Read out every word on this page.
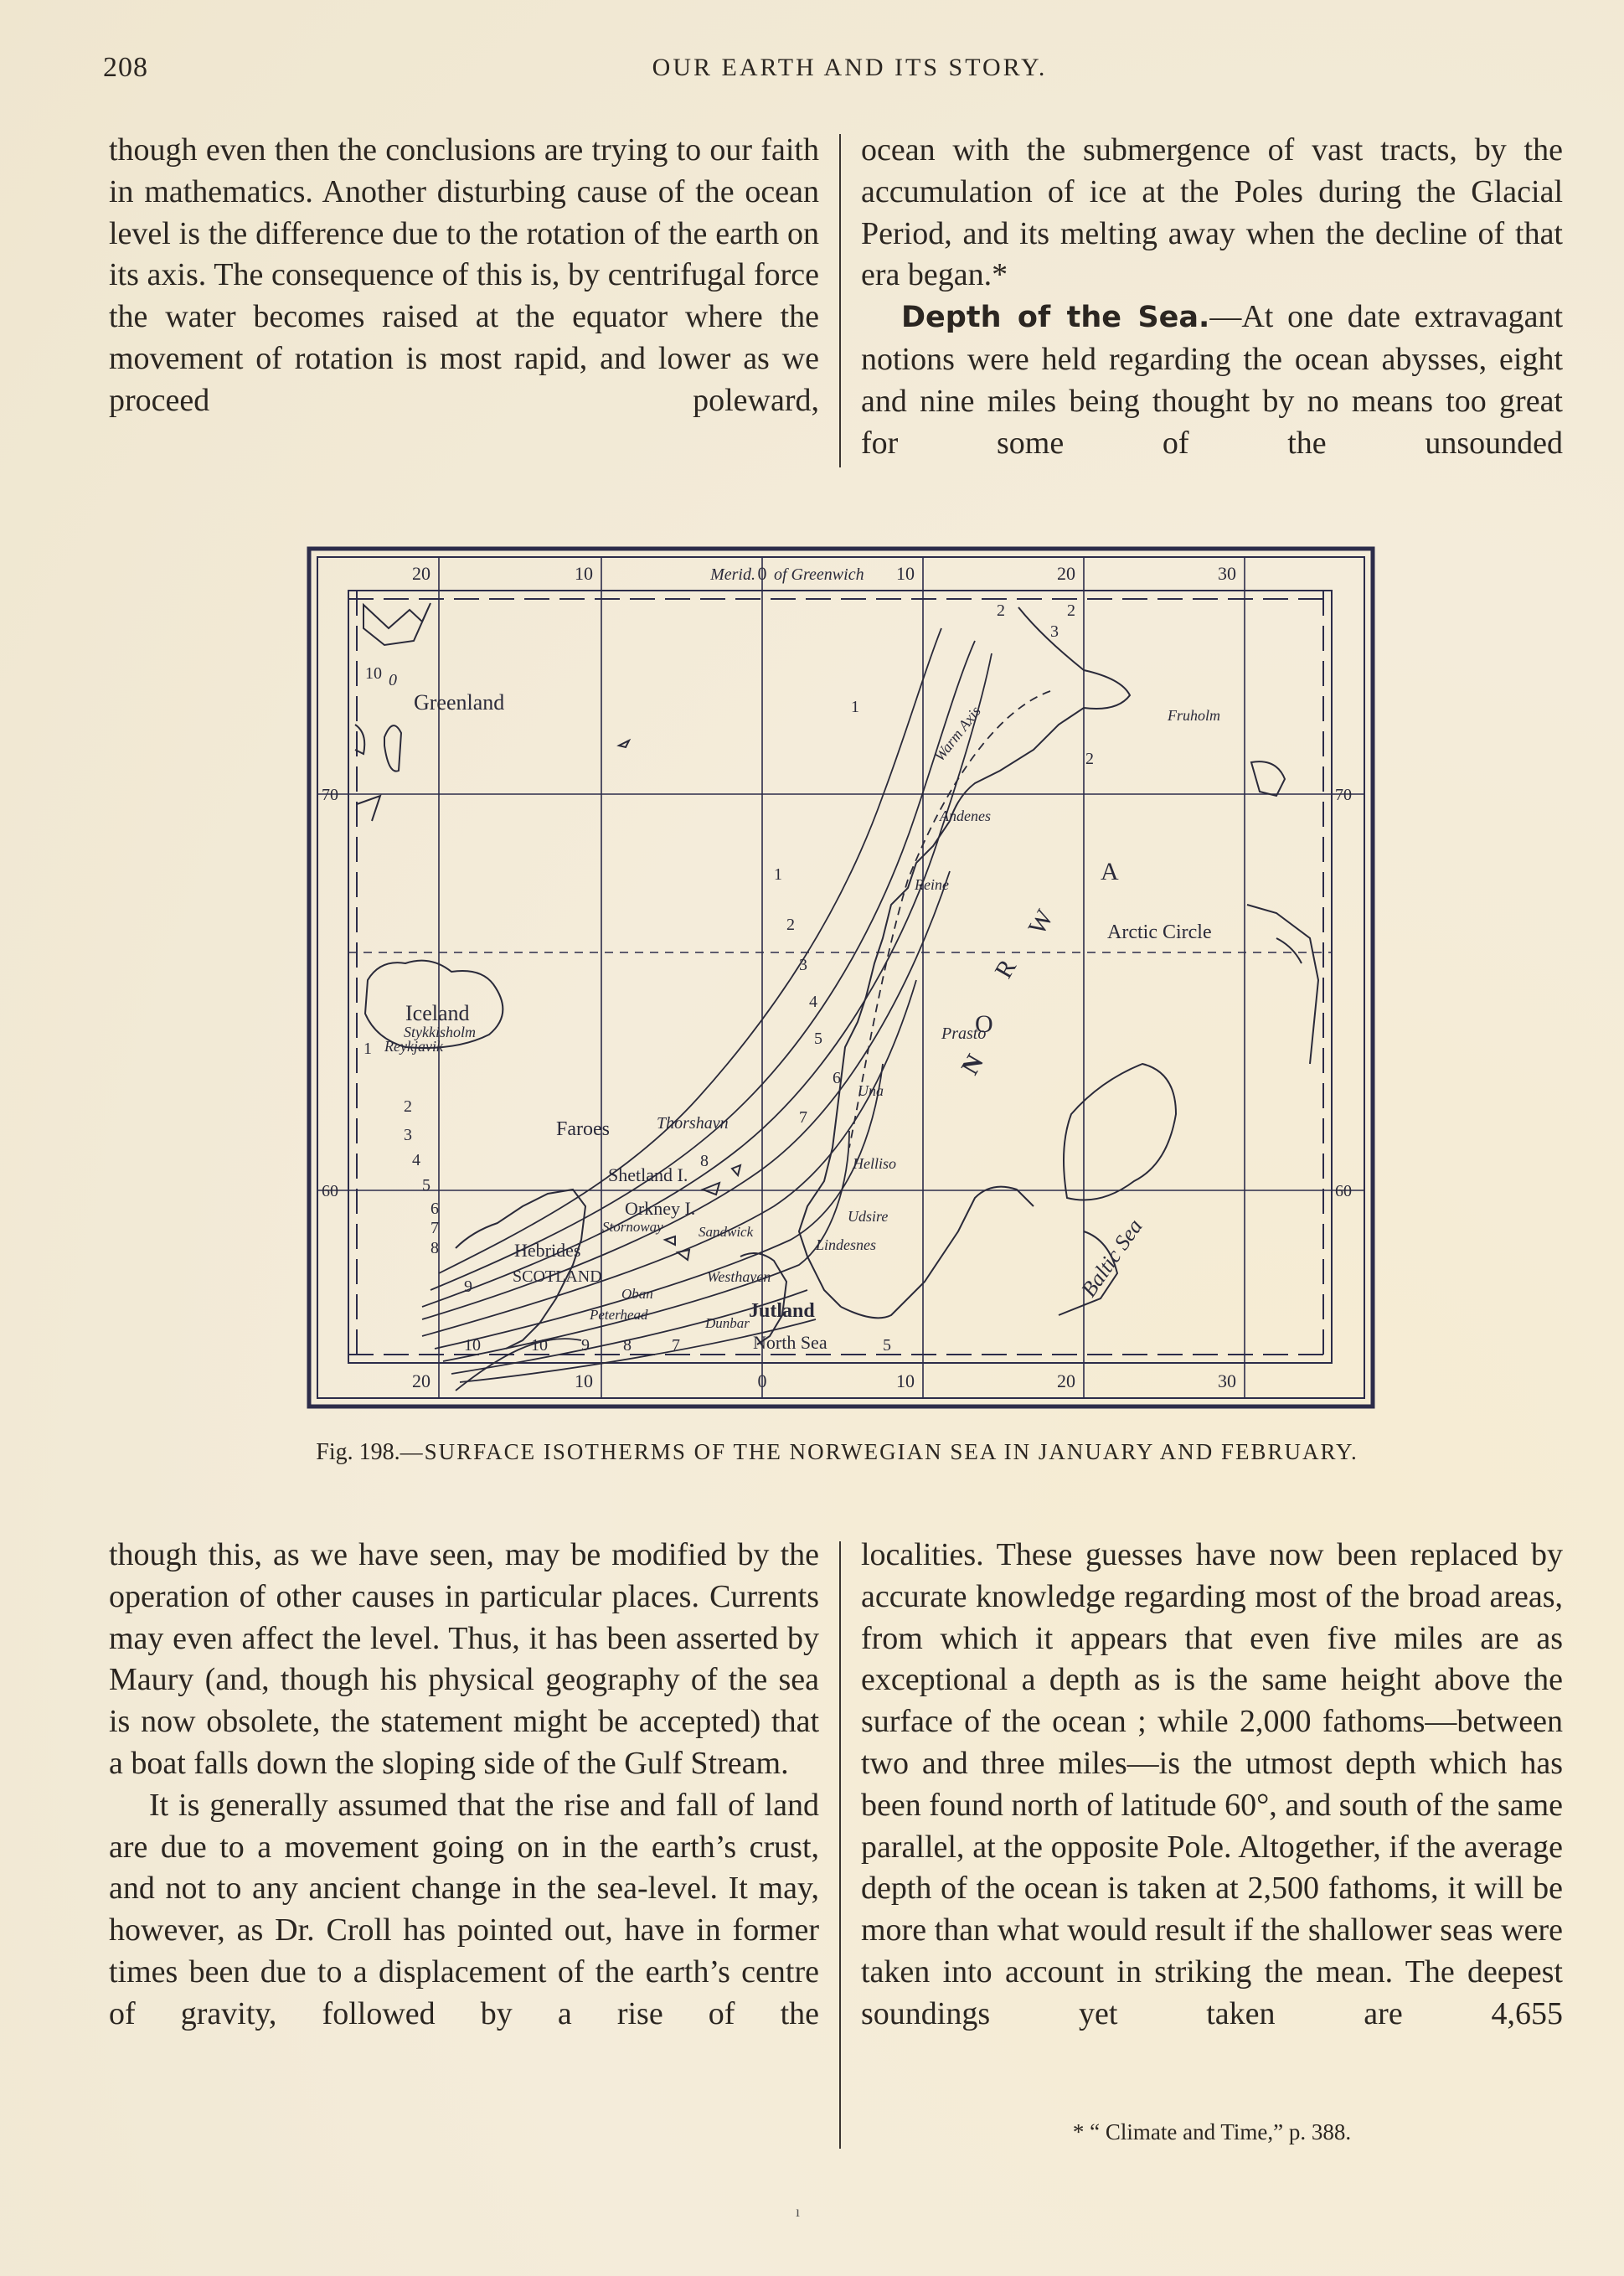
208	OUR EARTH AND ITS STORY.

though even then the conclusions are trying to our faith in mathematics. Another disturbing cause of the ocean level is the difference due to the rotation of the earth on its axis. The consequence of this is, by centrifugal force the water becomes raised at the equator where the movement of rotation is most rapid, and lower as we proceed poleward,

ocean with the submergence of vast tracts, by the accumulation of ice at the Poles during the Glacial Period, and its melting away when the decline of that era began.*

Depth of the Sea.—At one date extravagant notions were held regarding the ocean abysses, eight and nine miles being thought by no means too great for some of the unsounded

20	10	0	10	20	30
Merid. of Greenwich
20	10	0	10	20	30
70	70
60	60
1
1
2
3
4
5
6
7
8
2
3
4
5
6
7
8
9
10	10 9 8 7	5
2	2
3
2
1
10 0
Greenland
Iceland
Stykkisholm
Reykjavik
Faroes	Thorshavn
Shetland I.
Orkney I.
Stornoway Sandwick
Hebrides
SCOTLAND
Oban
Peterhead
Dunbar
Jutland
North Sea
Westhaven
Udsire
Lindesnes
Helliso
Una
Prasto
Reine
Andenes
Fruholm
Warm Axis
Arctic Circle
Baltic Sea
N
O
R
W
A
Fig. 198.—SURFACE ISOTHERMS OF THE NORWEGIAN SEA IN JANUARY AND FEBRUARY.

though this, as we have seen, may be modified by the operation of other causes in particular places. Currents may even affect the level. Thus, it has been asserted by Maury (and, though his physical geography of the sea is now obsolete, the statement might be accepted) that a boat falls down the sloping side of the Gulf Stream.

It is generally assumed that the rise and fall of land are due to a movement going on in the earth’s crust, and not to any ancient change in the sea-level. It may, however, as Dr. Croll has pointed out, have in former times been due to a displacement of the earth’s centre of gravity, followed by a rise of the

localities. These guesses have now been replaced by accurate knowledge regarding most of the broad areas, from which it appears that even five miles are as exceptional a depth as is the same height above the surface of the ocean ; while 2,000 fathoms—between two and three miles—is the utmost depth which has been found north of latitude 60°, and south of the same parallel, at the opposite Pole. Altogether, if the average depth of the ocean is taken at 2,500 fathoms, it will be more than what would result if the shallower seas were taken into account in striking the mean. The deepest soundings yet taken are 4,655

* “ Climate and Time,” p. 388.
ı
